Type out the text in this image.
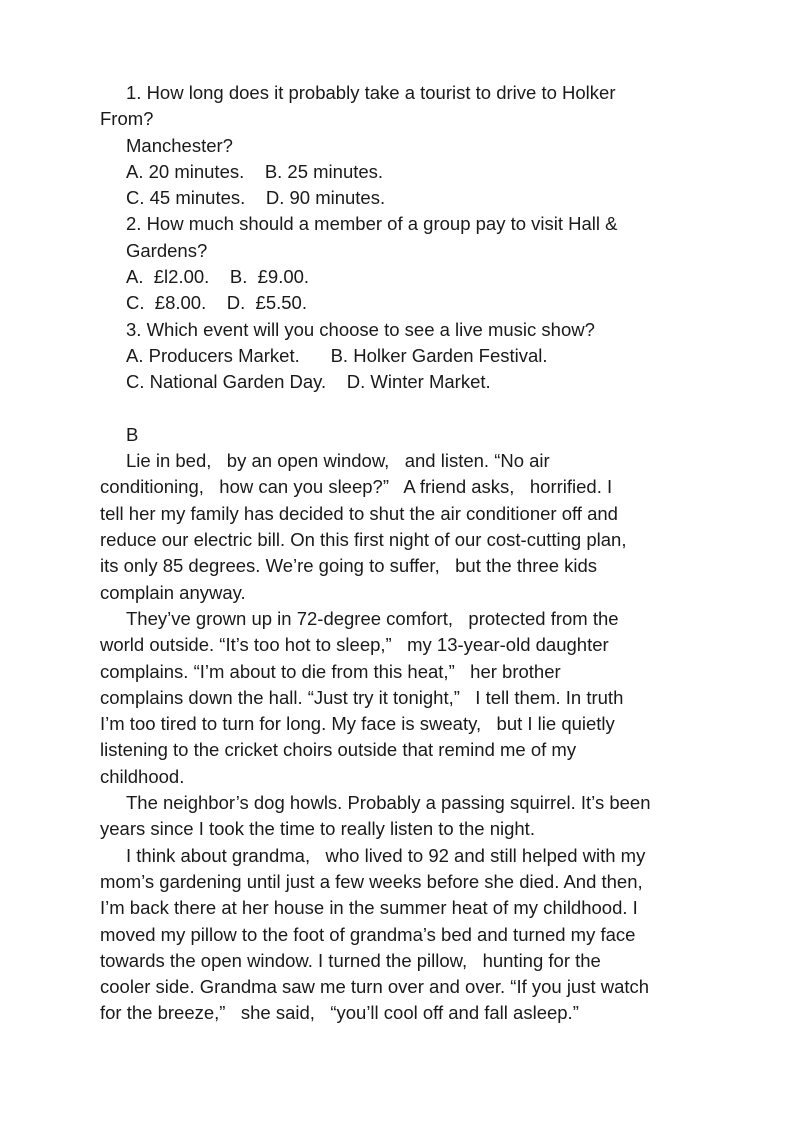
1. How long does it probably take a tourist to drive to Holker
From?
Manchester?
A. 20 minutes.    B. 25 minutes.
C. 45 minutes.    D. 90 minutes.
2. How much should a member of a group pay to visit Hall &
Gardens?
A.  £l2.00.    B.  £9.00.
C.  £8.00.    D.  £5.50.
3. Which event will you choose to see a live music show?
A. Producers Market.      B. Holker Garden Festival.
C. National Garden Day.    D. Winter Market.
B
Lie in bed,   by an open window,   and listen. “No air
conditioning,   how can you sleep?”   A friend asks,   horrified. I
tell her my family has decided to shut the air conditioner off and
reduce our electric bill. On this first night of our cost-cutting plan,
its only 85 degrees. We’re going to suffer,   but the three kids
complain anyway.
They’ve grown up in 72-degree comfort,   protected from the
world outside. “It’s too hot to sleep,”   my 13-year-old daughter
complains. “I’m about to die from this heat,”   her brother
complains down the hall. “Just try it tonight,”   I tell them. In truth
I’m too tired to turn for long. My face is sweaty,   but I lie quietly
listening to the cricket choirs outside that remind me of my
childhood.
The neighbor’s dog howls. Probably a passing squirrel. It’s been
years since I took the time to really listen to the night.
I think about grandma,   who lived to 92 and still helped with my
mom’s gardening until just a few weeks before she died. And then,
I’m back there at her house in the summer heat of my childhood. I
moved my pillow to the foot of grandma’s bed and turned my face
towards the open window. I turned the pillow,   hunting for the
cooler side. Grandma saw me turn over and over. “If you just watch
for the breeze,”   she said,   “you’ll cool off and fall asleep.”
